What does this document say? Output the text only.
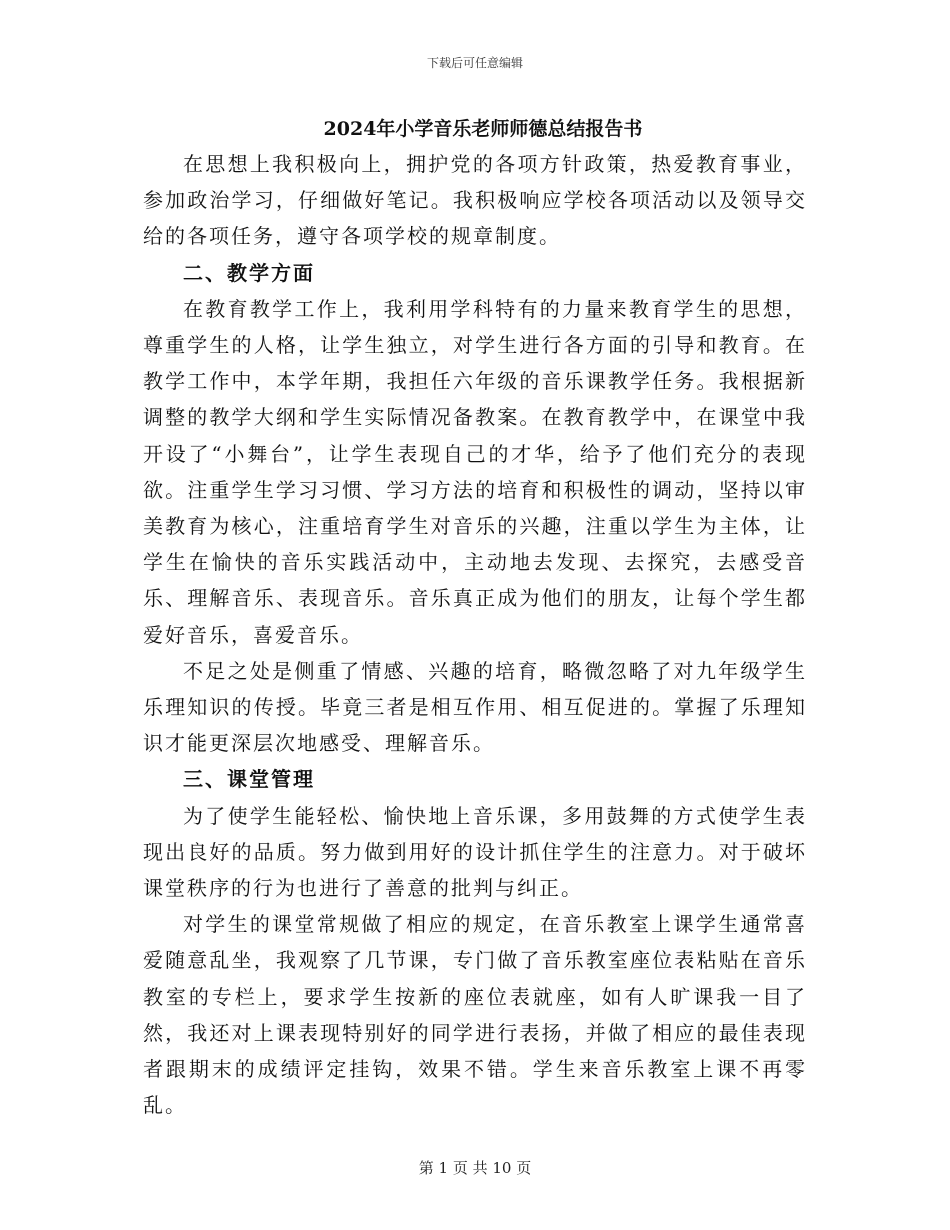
下载后可任意编辑
2024年小学音乐老师师德总结报告书

在思想上我积极向上，拥护党的各项方针政策，热爱教育事业，参加政治学习，仔细做好笔记。我积极响应学校各项活动以及领导交给的各项任务，遵守各项学校的规章制度。

二、教学方面

在教育教学工作上，我利用学科特有的力量来教育学生的思想，尊重学生的人格，让学生独立，对学生进行各方面的引导和教育。在教学工作中，本学年期，我担任六年级的音乐课教学任务。我根据新调整的教学大纲和学生实际情况备教案。在教育教学中，在课堂中我开设了“小舞台”，让学生表现自己的才华，给予了他们充分的表现欲。注重学生学习习惯、学习方法的培育和积极性的调动，坚持以审美教育为核心，注重培育学生对音乐的兴趣，注重以学生为主体，让学生在愉快的音乐实践活动中，主动地去发现、去探究，去感受音乐、理解音乐、表现音乐。音乐真正成为他们的朋友，让每个学生都爱好音乐，喜爱音乐。

不足之处是侧重了情感、兴趣的培育，略微忽略了对九年级学生乐理知识的传授。毕竟三者是相互作用、相互促进的。掌握了乐理知识才能更深层次地感受、理解音乐。

三、课堂管理

为了使学生能轻松、愉快地上音乐课，多用鼓舞的方式使学生表现出良好的品质。努力做到用好的设计抓住学生的注意力。对于破坏课堂秩序的行为也进行了善意的批判与纠正。

对学生的课堂常规做了相应的规定，在音乐教室上课学生通常喜爱随意乱坐，我观察了几节课，专门做了音乐教室座位表粘贴在音乐教室的专栏上，要求学生按新的座位表就座，如有人旷课我一目了然，我还对上课表现特别好的同学进行表扬，并做了相应的最佳表现者跟期末的成绩评定挂钩，效果不错。学生来音乐教室上课不再零乱。

第 1 页 共 10 页
